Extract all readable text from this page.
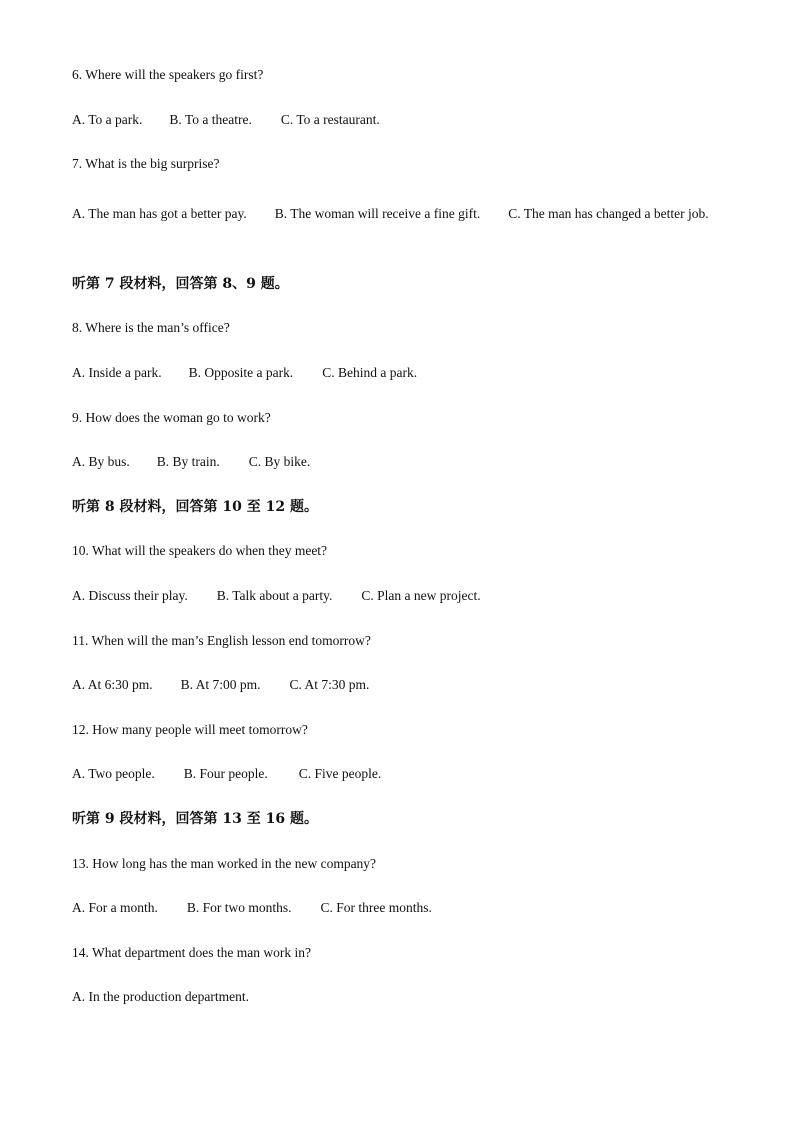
6. Where will the speakers go first?
A. To a park. B. To a theatre. C. To a restaurant.
7. What is the big surprise?
A. The man has got a better pay. B. The woman will receive a fine gift. C. The man has changed a better job.
听第 7 段材料，回答第 8、9 题。
8. Where is the man’s office?
A. Inside a park. B. Opposite a park. C. Behind a park.
9. How does the woman go to work?
A. By bus. B. By train. C. By bike.
听第 8 段材料，回答第 10 至 12 题。
10. What will the speakers do when they meet?
A. Discuss their play. B. Talk about a party. C. Plan a new project.
11. When will the man’s English lesson end tomorrow?
A. At 6:30 pm. B. At 7:00 pm. C. At 7:30 pm.
12. How many people will meet tomorrow?
A. Two people. B. Four people. C. Five people.
听第 9 段材料，回答第 13 至 16 题。
13. How long has the man worked in the new company?
A. For a month. B. For two months. C. For three months.
14. What department does the man work in?
A. In the production department.
